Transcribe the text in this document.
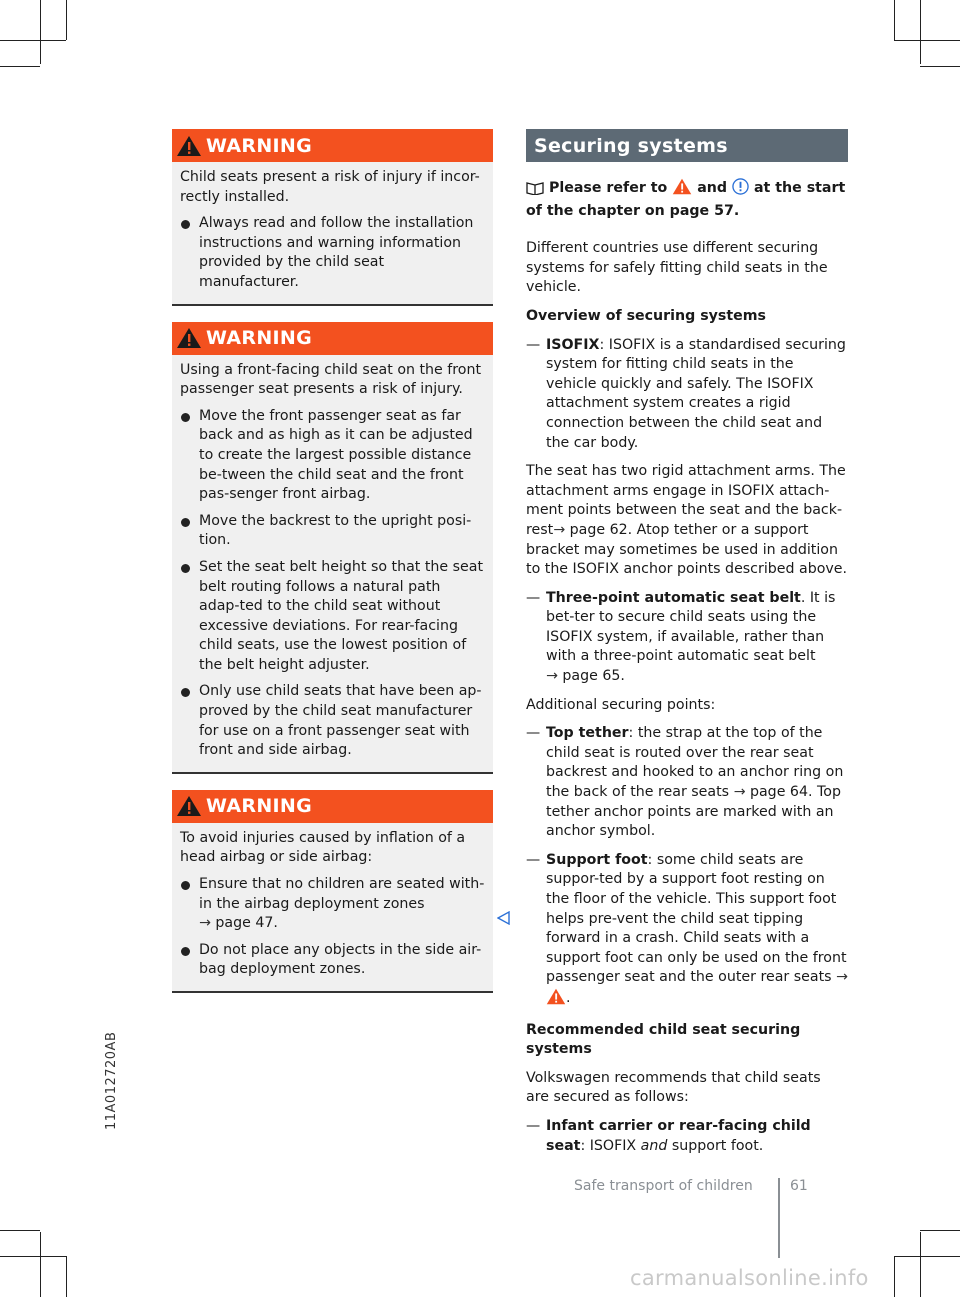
11A012720AB
WARNING

Child seats present a risk of injury if incor-rectly installed.

Always read and follow the installation instructions and warning information provided by the child seat manufacturer.
WARNING

Using a front-facing child seat on the front passenger seat presents a risk of injury.

Move the front passenger seat as far back and as high as it can be adjusted to create the largest possible distance be-tween the child seat and the front pas-senger front airbag.
Move the backrest to the upright posi-tion.
Set the seat belt height so that the seat belt routing follows a natural path adap-ted to the child seat without excessive deviations. For rear-facing child seats, use the lowest position of the belt height adjuster.
Only use child seats that have been ap-proved by the child seat manufacturer for use on a front passenger seat with front and side airbag.
WARNING

To avoid injuries caused by inflation of a head airbag or side airbag:

Ensure that no children are seated with-in the airbag deployment zones
→ page 47.
Do not place any objects in the side air-bag deployment zones.
Securing systems

Please refer to and at the start of the chapter on page 57.

Different countries use different securing systems for safely fitting child seats in the vehicle.

Overview of securing systems

— ISOFIX: ISOFIX is a standardised securing system for fitting child seats in the vehicle quickly and safely. The ISOFIX attachment system creates a rigid connection between the child seat and the car body.

The seat has two rigid attachment arms. The attachment arms engage in ISOFIX attach-ment points between the seat and the back-rest→ page 62. Atop tether or a support bracket may sometimes be used in addition to the ISOFIX anchor points described above.

— Three-point automatic seat belt. It is bet-ter to secure child seats using the ISOFIX system, if available, rather than with a three-point automatic seat belt
→ page 65.

Additional securing points:

— Top tether: the strap at the top of the child seat is routed over the rear seat backrest and hooked to an anchor ring on the back of the rear seats → page 64. Top tether anchor points are marked with an anchor symbol.
— Support foot: some child seats are suppor-ted by a support foot resting on the floor of the vehicle. This support foot helps pre-vent the child seat tipping forward in a crash. Child seats with a support foot can only be used on the front passenger seat and the outer rear seats → .

Recommended child seat securing systems

Volkswagen recommends that child seats are secured as follows:

— Infant carrier or rear-facing child seat: ISOFIX and support foot.
Safe transport of children	61
carmanualsonline.info
